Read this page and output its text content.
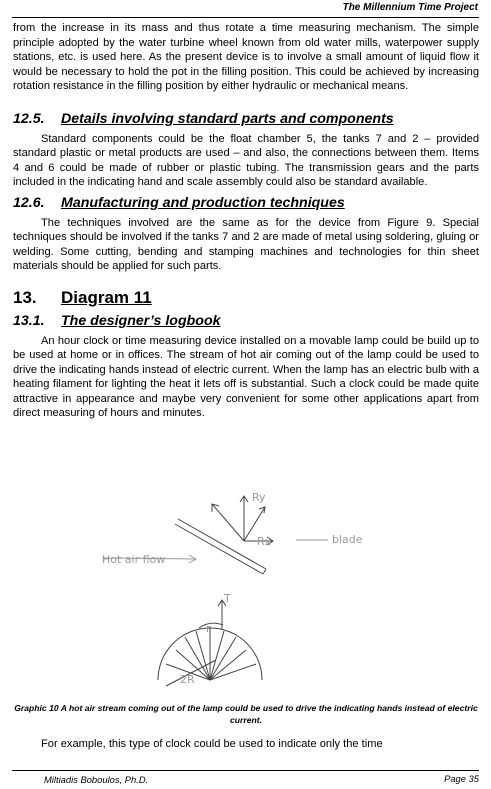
The Millennium Time Project

from the increase in its mass and thus rotate a time measuring mechanism. The simple principle adopted by the water turbine wheel known from old water mills, waterpower supply stations, etc. is used here. As the present device is to involve a small amount of liquid flow it would be necessary to hold the pot in the filling position. This could be achieved by increasing rotation resistance in the filling position by either hydraulic or mechanical means.

12.5. Details involving standard parts and components

Standard components could be the float chamber 5, the tanks 7 and 2 – provided standard plastic or metal products are used – and also, the connections between them. Items 4 and 6 could be made of rubber or plastic tubing. The transmission gears and the parts included in the indicating hand and scale assembly could also be standard available.

12.6. Manufacturing and production techniques

The techniques involved are the same as for the device from Figure 9. Special techniques should be involved if the tanks 7 and 2 are made of metal using soldering, gluing or welding. Some cutting, bending and stamping machines and technologies for thin sheet materials should be applied for such parts.

13. Diagram 11
13.1. The designer’s logbook

An hour clock or time measuring device installed on a movable lamp could be build up to be used at home or in offices. The stream of hot air coming out of the lamp could be used to drive the indicating hands instead of electric current. When the lamp has an electric bulb with a heating filament for lighting the heat it lets off is substantial. Such a clock could be made quite attractive in appearance and maybe very convenient for some other applications apart from direct measuring of hours and minutes.

Ry
Rx	blade
Hot air flow
T
r
2R
Graphic 10 A hot air stream coming out of the lamp could be used to drive the indicating hands instead of electric current.

For example, this type of clock could be used to indicate only the time

Miltiadis Boboulos, Ph.D.	Page 35
